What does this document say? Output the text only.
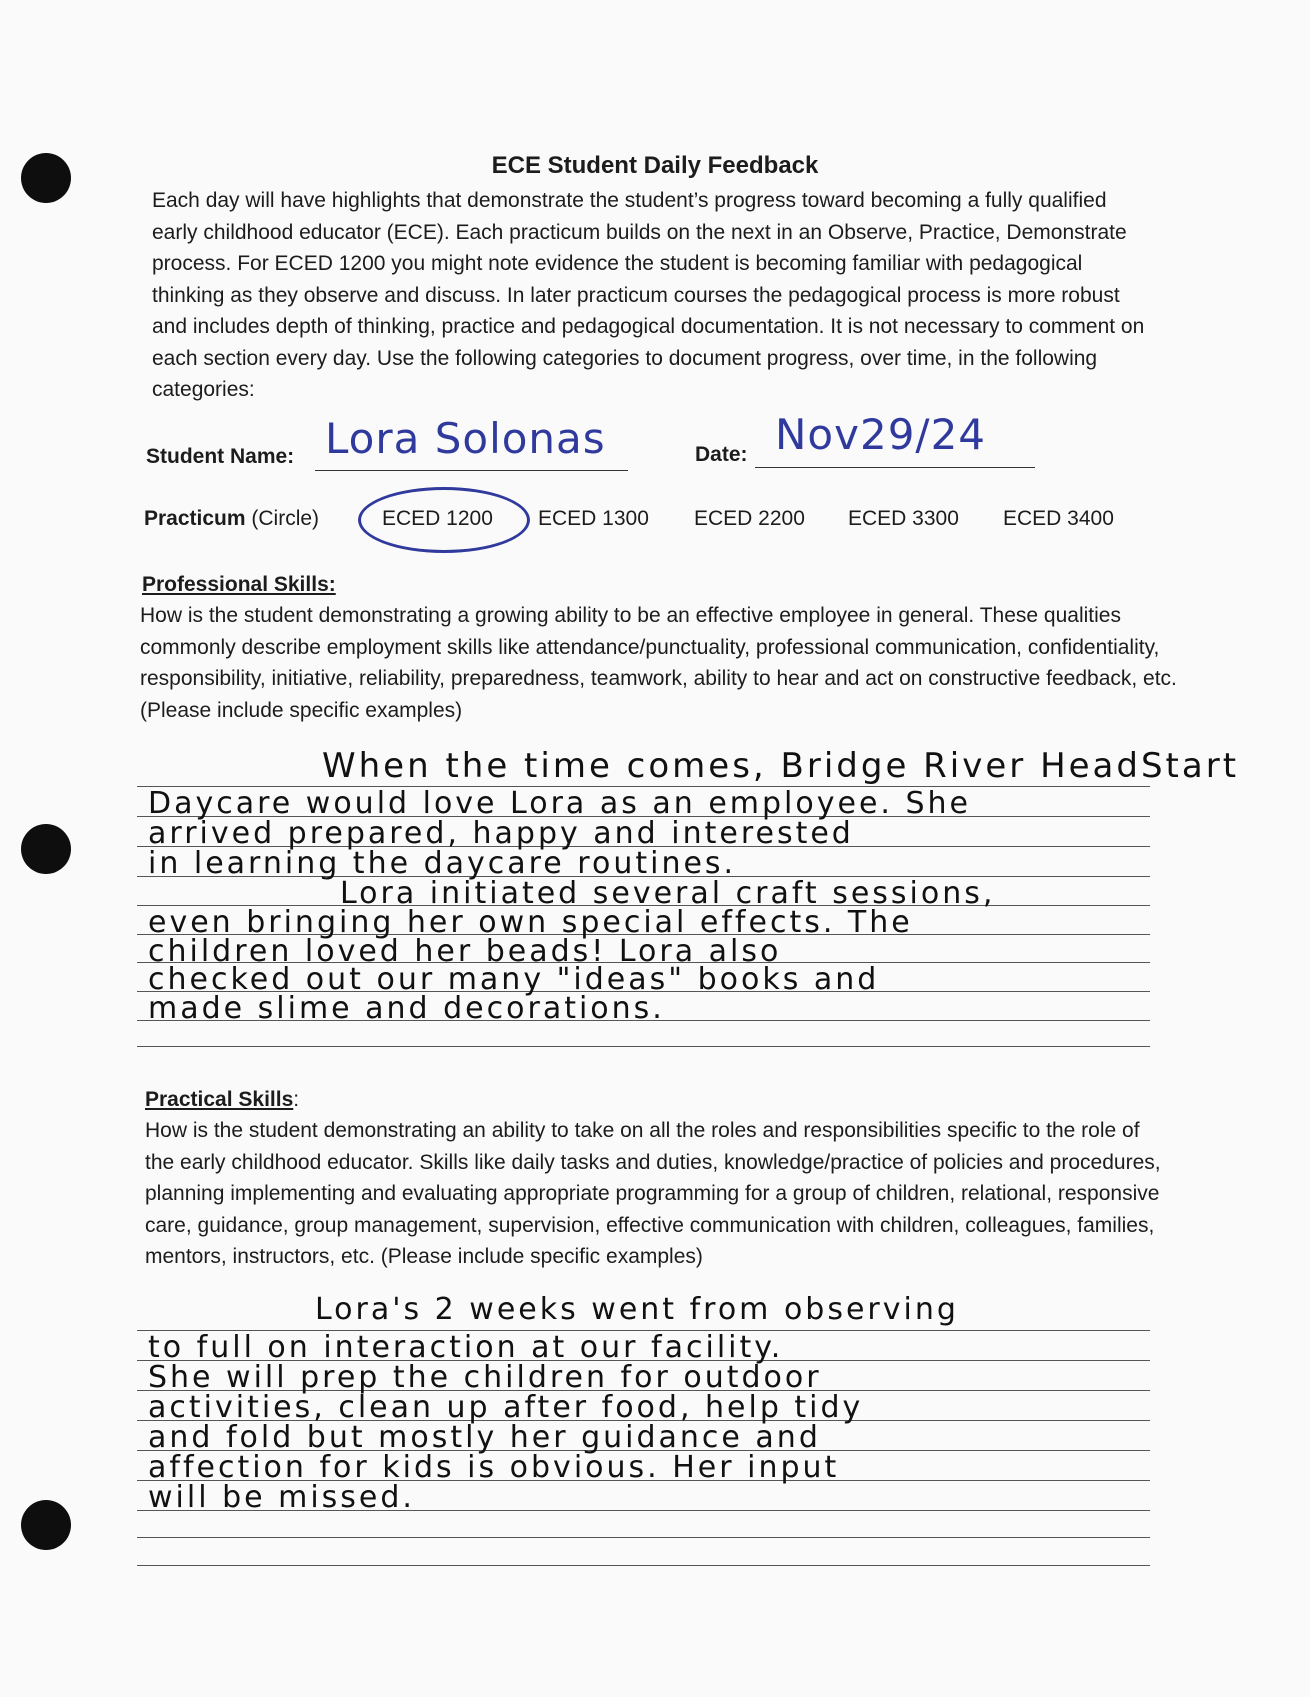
ECE Student Daily Feedback

Each day will have highlights that demonstrate the student’s progress toward becoming a fully qualified early childhood educator (ECE). Each practicum builds on the next in an Observe, Practice, Demonstrate process. For ECED 1200 you might note evidence the student is becoming familiar with pedagogical thinking as they observe and discuss. In later practicum courses the pedagogical process is more robust and includes depth of thinking, practice and pedagogical documentation. It is not necessary to comment on each section every day. Use the following categories to document progress, over time, in the following categories:

Student Name: Lora Solonas	Date: Nov29/24
Practicum (Circle)	ECED 1200 ECED 1300 ECED 2200 ECED 3300 ECED 3400
Professional Skills:

How is the student demonstrating a growing ability to be an effective employee in general. These qualities commonly describe employment skills like attendance/punctuality, professional communication, confidentiality, responsibility, initiative, reliability, preparedness, teamwork, ability to hear and act on constructive feedback, etc. (Please include specific examples)

When the time comes, Bridge River HeadStart
Daycare would love Lora as an employee. She
arrived prepared, happy and interested
in learning the daycare routines.
Lora initiated several craft sessions,
even bringing her own special effects. The
children loved her beads! Lora also
checked out our many "ideas" books and
made slime and decorations.
Practical Skills:

How is the student demonstrating an ability to take on all the roles and responsibilities specific to the role of the early childhood educator. Skills like daily tasks and duties, knowledge/practice of policies and procedures, planning implementing and evaluating appropriate programming for a group of children, relational, responsive care, guidance, group management, supervision, effective communication with children, colleagues, families, mentors, instructors, etc. (Please include specific examples)

Lora's 2 weeks went from observing
to full on interaction at our facility.
She will prep the children for outdoor
activities, clean up after food, help tidy
and fold but mostly her guidance and
affection for kids is obvious. Her input
will be missed.
